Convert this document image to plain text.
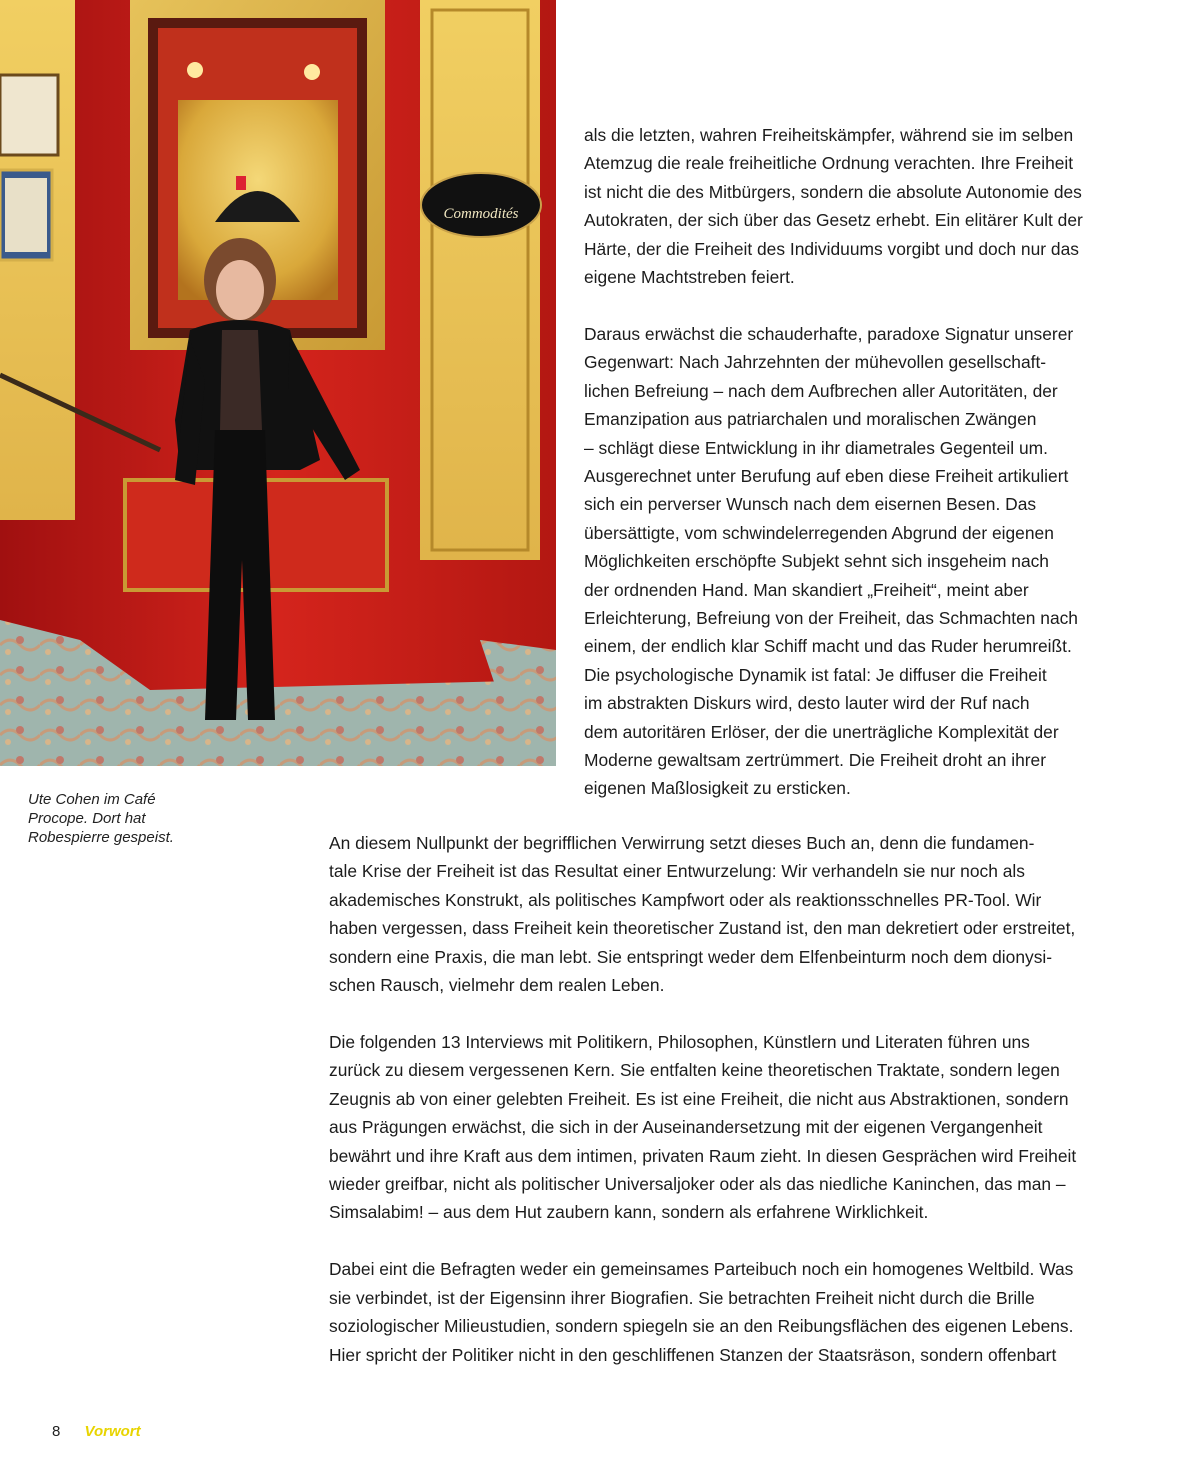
Commodités
Ute Cohen im Café
Procope. Dort hat
Robespierre gespeist.

als die letzten, wahren Freiheitskämpfer, während sie im selben
Atemzug die reale freiheitliche Ordnung verachten. Ihre Freiheit
ist nicht die des Mitbürgers, sondern die absolute Autonomie des
Autokraten, der sich über das Gesetz erhebt. Ein elitärer Kult der
Härte, der die Freiheit des Individuums vorgibt und doch nur das
eigene Machtstreben feiert.

Daraus erwächst die schauderhafte, paradoxe Signatur unserer
Gegenwart: Nach Jahrzehnten der mühevollen gesellschaft-
lichen Befreiung – nach dem Aufbrechen aller Autoritäten, der
Emanzipation aus patriarchalen und moralischen Zwängen
– schlägt diese Entwicklung in ihr diametrales Gegenteil um.
Ausgerechnet unter Berufung auf eben diese Freiheit artikuliert
sich ein perverser Wunsch nach dem eisernen Besen. Das
übersättigte, vom schwindelerregenden Abgrund der eigenen
Möglichkeiten erschöpfte Subjekt sehnt sich insgeheim nach
der ordnenden Hand. Man skandiert „Freiheit“, meint aber
Erleichterung, Befreiung von der Freiheit, das Schmachten nach
einem, der endlich klar Schiff macht und das Ruder herumreißt.
Die psychologische Dynamik ist fatal: Je diffuser die Freiheit
im abstrakten Diskurs wird, desto lauter wird der Ruf nach
dem autoritären Erlöser, der die unerträgliche Komplexität der
Moderne gewaltsam zertrümmert. Die Freiheit droht an ihrer
eigenen Maßlosigkeit zu ersticken.

An diesem Nullpunkt der begrifflichen Verwirrung setzt dieses Buch an, denn die fundamen-
tale Krise der Freiheit ist das Resultat einer Entwurzelung: Wir verhandeln sie nur noch als
akademisches Konstrukt, als politisches Kampfwort oder als reaktionsschnelles PR-Tool. Wir
haben vergessen, dass Freiheit kein theoretischer Zustand ist, den man dekretiert oder erstreitet,
sondern eine Praxis, die man lebt. Sie entspringt weder dem Elfenbeinturm noch dem dionysi-
schen Rausch, vielmehr dem realen Leben.

Die folgenden 13 Interviews mit Politikern, Philosophen, Künstlern und Literaten führen uns
zurück zu diesem vergessenen Kern. Sie entfalten keine theoretischen Traktate, sondern legen
Zeugnis ab von einer gelebten Freiheit. Es ist eine Freiheit, die nicht aus Abstraktionen, sondern
aus Prägungen erwächst, die sich in der Auseinandersetzung mit der eigenen Vergangenheit
bewährt und ihre Kraft aus dem intimen, privaten Raum zieht. In diesen Gesprächen wird Freiheit
wieder greifbar, nicht als politischer Universaljoker oder als das niedliche Kaninchen, das man –
Simsalabim! – aus dem Hut zaubern kann, sondern als erfahrene Wirklichkeit.

Dabei eint die Befragten weder ein gemeinsames Parteibuch noch ein homogenes Weltbild. Was
sie verbindet, ist der Eigensinn ihrer Biografien. Sie betrachten Freiheit nicht durch die Brille
soziologischer Milieustudien, sondern spiegeln sie an den Reibungsflächen des eigenen Lebens.
Hier spricht der Politiker nicht in den geschliffenen Stanzen der Staatsräson, sondern offenbart

8 Vorwort
